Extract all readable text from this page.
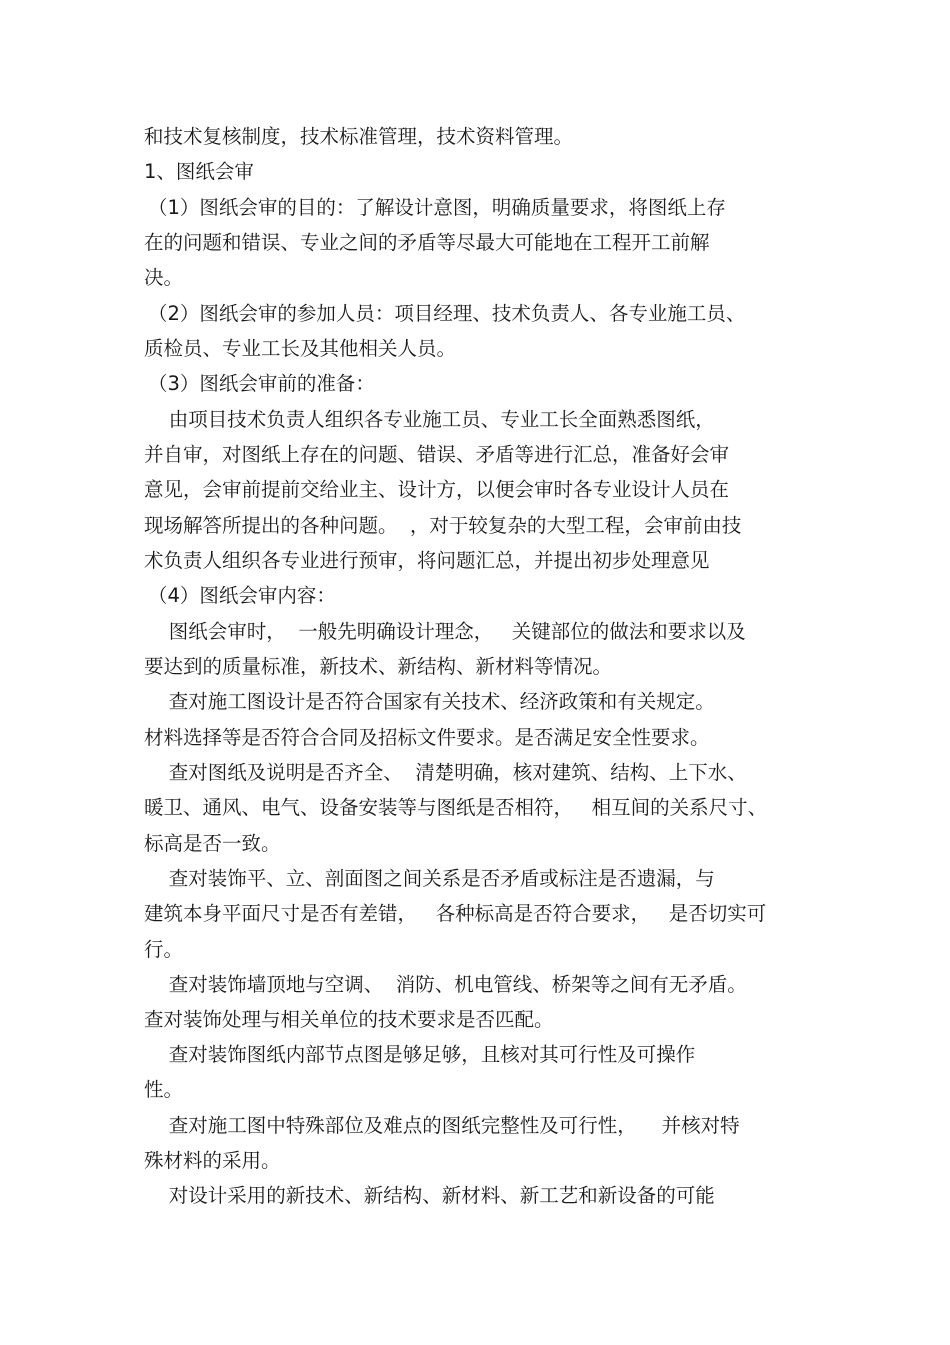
和技术复核制度，技术标准管理，技术资料管理。
1、图纸会审
（1）图纸会审的目的：了解设计意图，明确质量要求，将图纸上存
在的问题和错误、专业之间的矛盾等尽最大可能地在工程开工前解
决。
（2）图纸会审的参加人员：项目经理、技术负责人、各专业施工员、
质检员、专业工长及其他相关人员。
（3）图纸会审前的准备：
由项目技术负责人组织各专业施工员、专业工长全面熟悉图纸，
并自审，对图纸上存在的问题、错误、矛盾等进行汇总，准备好会审
意见，会审前提前交给业主、设计方，以便会审时各专业设计人员在
现场解答所提出的各种问题。  ，对于较复杂的大型工程，会审前由技
术负责人组织各专业进行预审，将问题汇总，并提出初步处理意见
（4）图纸会审内容：
图纸会审时，  一般先明确设计理念，   关键部位的做法和要求以及
要达到的质量标准，新技术、新结构、新材料等情况。
查对施工图设计是否符合国家有关技术、经济政策和有关规定。
材料选择等是否符合合同及招标文件要求。是否满足安全性要求。
查对图纸及说明是否齐全、  清楚明确，核对建筑、结构、上下水、
暖卫、通风、电气、设备安装等与图纸是否相符，   相互间的关系尺寸、
标高是否一致。
查对装饰平、立、剖面图之间关系是否矛盾或标注是否遗漏，与
建筑本身平面尺寸是否有差错，   各种标高是否符合要求，   是否切实可
行。
查对装饰墙顶地与空调、  消防、机电管线、桥架等之间有无矛盾。
查对装饰处理与相关单位的技术要求是否匹配。
查对装饰图纸内部节点图是够足够，且核对其可行性及可操作
性。
查对施工图中特殊部位及难点的图纸完整性及可行性，    并核对特
殊材料的采用。
对设计采用的新技术、新结构、新材料、新工艺和新设备的可能
